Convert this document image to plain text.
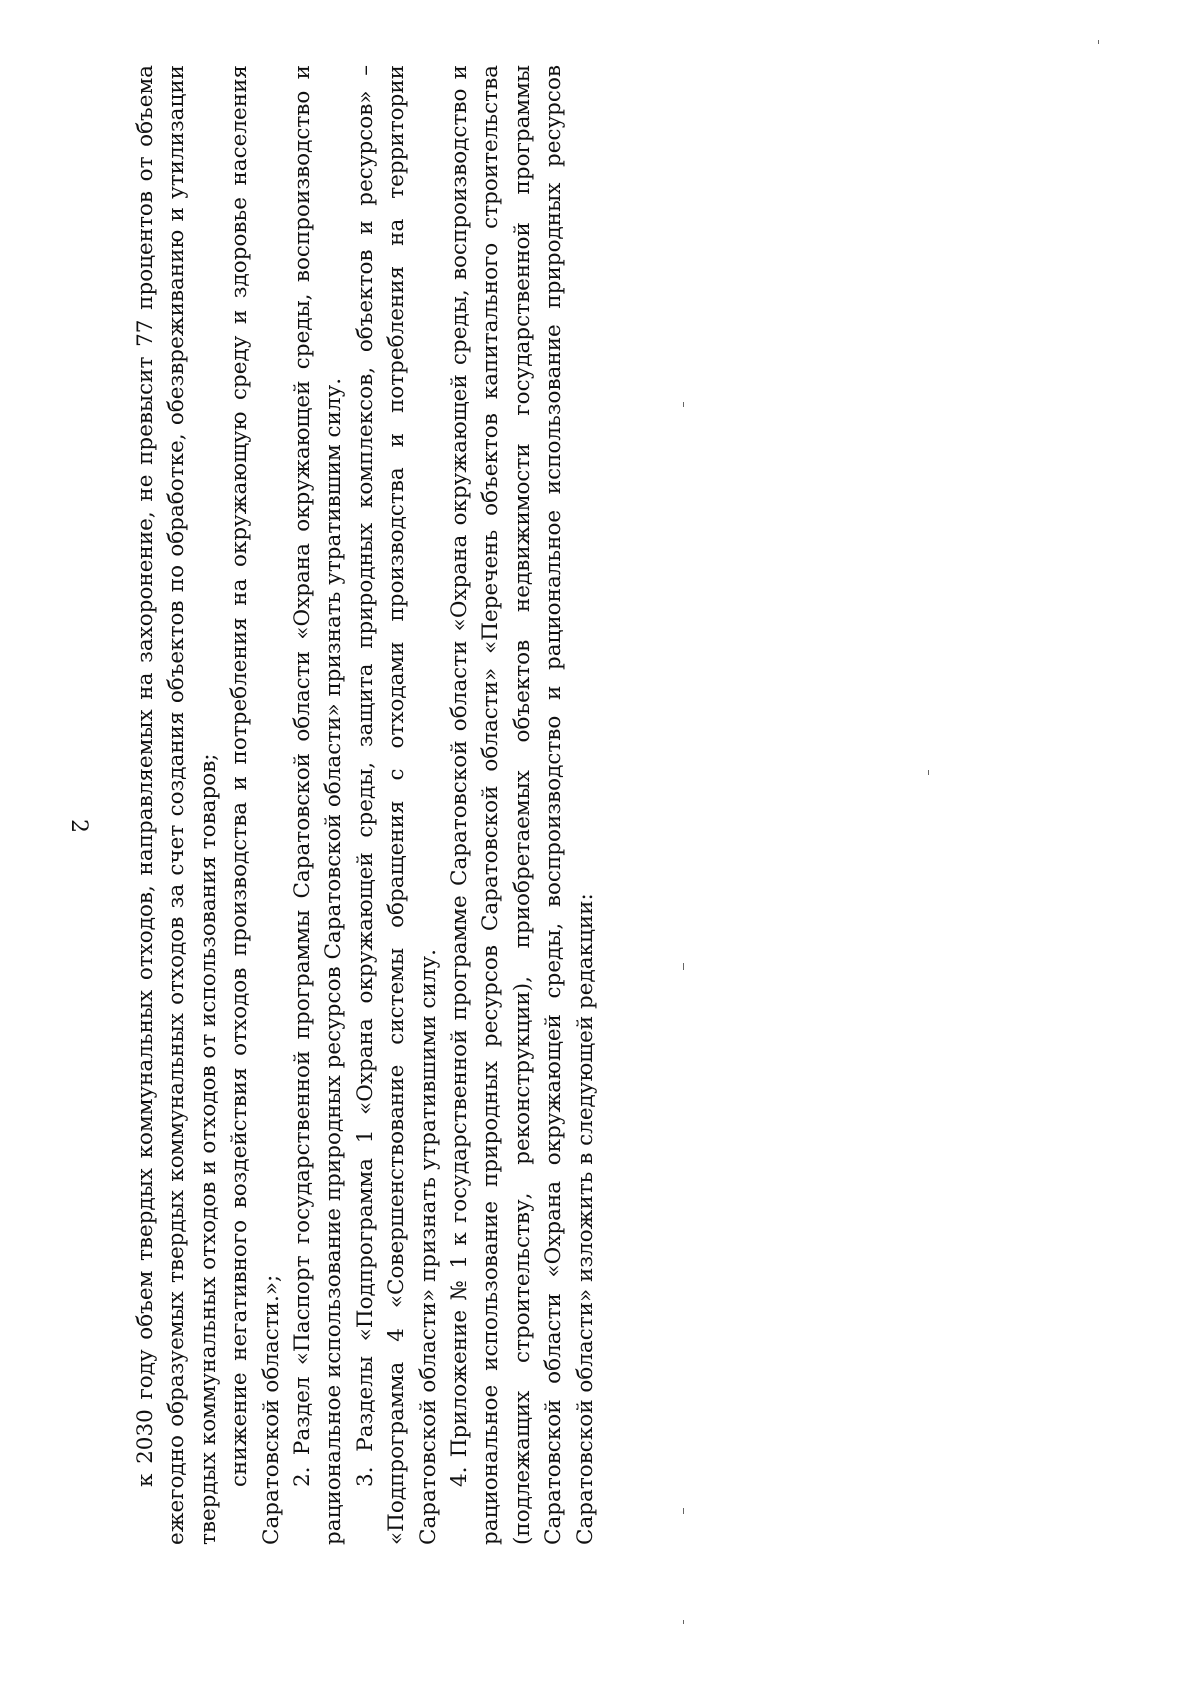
2 к 2030 году объем твердых коммунальных отходов, направляемых на захоронение, не превысит 77 процентов от объема ежегодно образуемых твердых коммунальных отходов за счет создания объектов по обработке, обезвреживанию и утилизации твердых коммунальных отходов и отходов от использования товаров; снижение негативного воздействия отходов производства и потребления на окружающую среду и здоровье населения Саратовской области.»; 2. Раздел «Паспорт государственной программы Саратовской области «Охрана окружающей среды, воспроизводство и рациональное использование природных ресурсов Саратовской области» признать утратившим силу. 3. Разделы «Подпрограмма 1 «Охрана окружающей среды, защита природных комплексов, объектов и ресурсов» – «Подпрограмма 4 «Совершенствование системы обращения с отходами производства и потребления на территории Саратовской области» признать утратившими силу. 4. Приложение № 1 к государственной программе Саратовской области «Охрана окружающей среды, воспроизводство и рациональное использование природных ресурсов Саратовской области» «Перечень объектов капитального строительства (подлежащих строительству, реконструкции), приобретаемых объектов недвижимости государственной программы Саратовской области «Охрана окружающей среды, воспроизводство и рациональное использование природных ресурсов Саратовской области» изложить в следующей редакции:
